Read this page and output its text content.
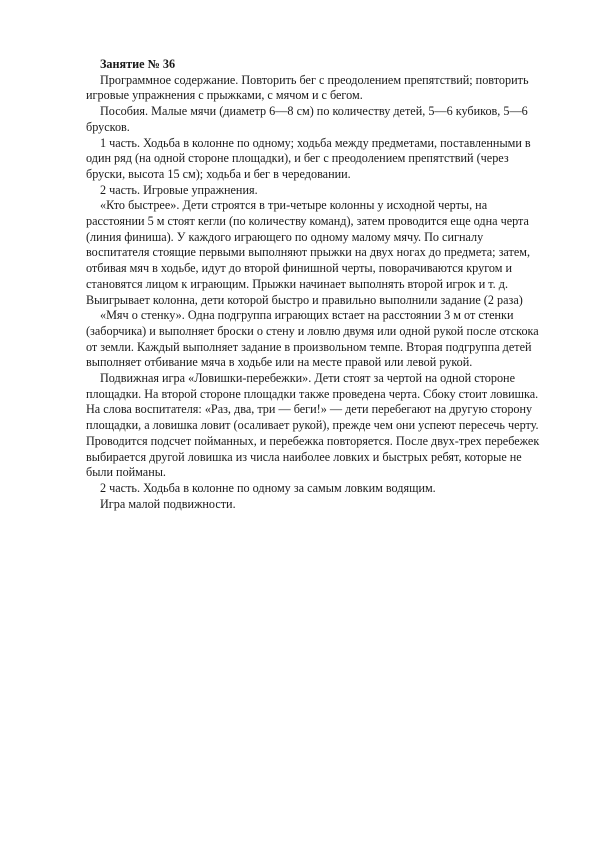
Занятие № 36

Программное содержание. Повторить бег с преодолением препятствий; повторить игровые упражнения с прыжками, с мячом и с бегом.

Пособия. Малые мячи (диаметр 6—8 см) по количеству детей, 5—6 кубиков, 5—6 брусков.

1 часть. Ходьба в колонне по одному; ходьба между предметами, поставленными в один ряд (на одной стороне площадки), и бег с преодолением препятствий (через бруски, высота 15 см); ходьба и бег в чередовании.

2 часть. Игровые упражнения.

«Кто быстрее». Дети строятся в три-четыре колонны у исходной черты, на расстоянии 5 м стоят кегли (по количеству команд), затем проводится еще одна черта (линия финиша). У каждого играющего по одному малому мячу. По сигналу воспитателя стоящие первыми выполняют прыжки на двух ногах до предмета; затем, отбивая мяч в ходьбе, идут до второй финишной черты, поворачиваются кругом и становятся лицом к играющим. Прыжки начинает выполнять второй игрок и т. д. Выигрывает колонна, дети которой быстро и правильно выполнили задание (2 раза)

«Мяч о стенку». Одна подгруппа играющих встает на расстоянии 3 м от стенки (заборчика) и выполняет броски о стену и ловлю двумя или одной рукой после отскока от земли. Каждый выполняет задание в произвольном темпе. Вторая подгруппа детей выполняет отбивание мяча в ходьбе или на месте правой или левой рукой.

Подвижная игра «Ловишки-перебежки». Дети стоят за чертой на одной стороне площадки. На второй стороне площадки также проведена черта. Сбоку стоит ловишка. На слова воспитателя: «Раз, два, три — беги!» — дети перебегают на другую сторону площадки, а ловишка ловит (осаливает рукой), прежде чем они успеют пересечь черту. Проводится подсчет пойманных, и перебежка повторяется. После двух-трех перебежек выбирается другой ловишка из числа наиболее ловких и быстрых ребят, которые не были пойманы.

2 часть. Ходьба в колонне по одному за самым ловким водящим.

Игра малой подвижности.
